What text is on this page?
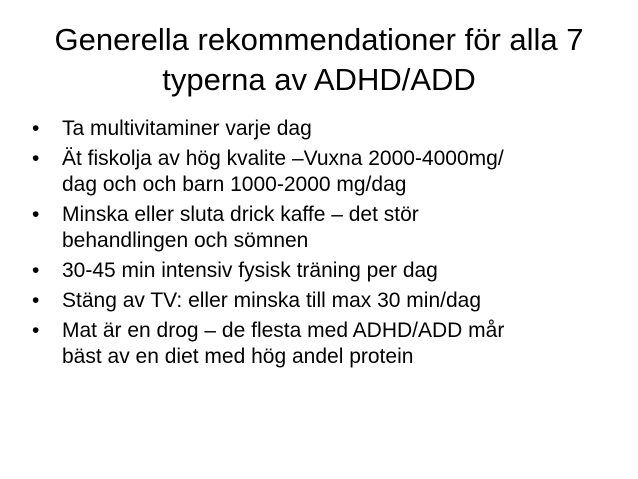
Generella rekommendationer för alla 7
typerna av ADHD/ADD
•	Ta multivitaminer varje dag
•	Ät fiskolja av hög kvalite –Vuxna 2000-4000mg/
dag och och barn 1000-2000 mg/dag
•	Minska eller sluta drick kaffe – det stör
behandlingen och sömnen
•	30-45 min intensiv fysisk träning per dag
•	Stäng av TV: eller minska till max 30 min/dag
•	Mat är en drog – de flesta med ADHD/ADD mår
bäst av en diet med hög andel protein
